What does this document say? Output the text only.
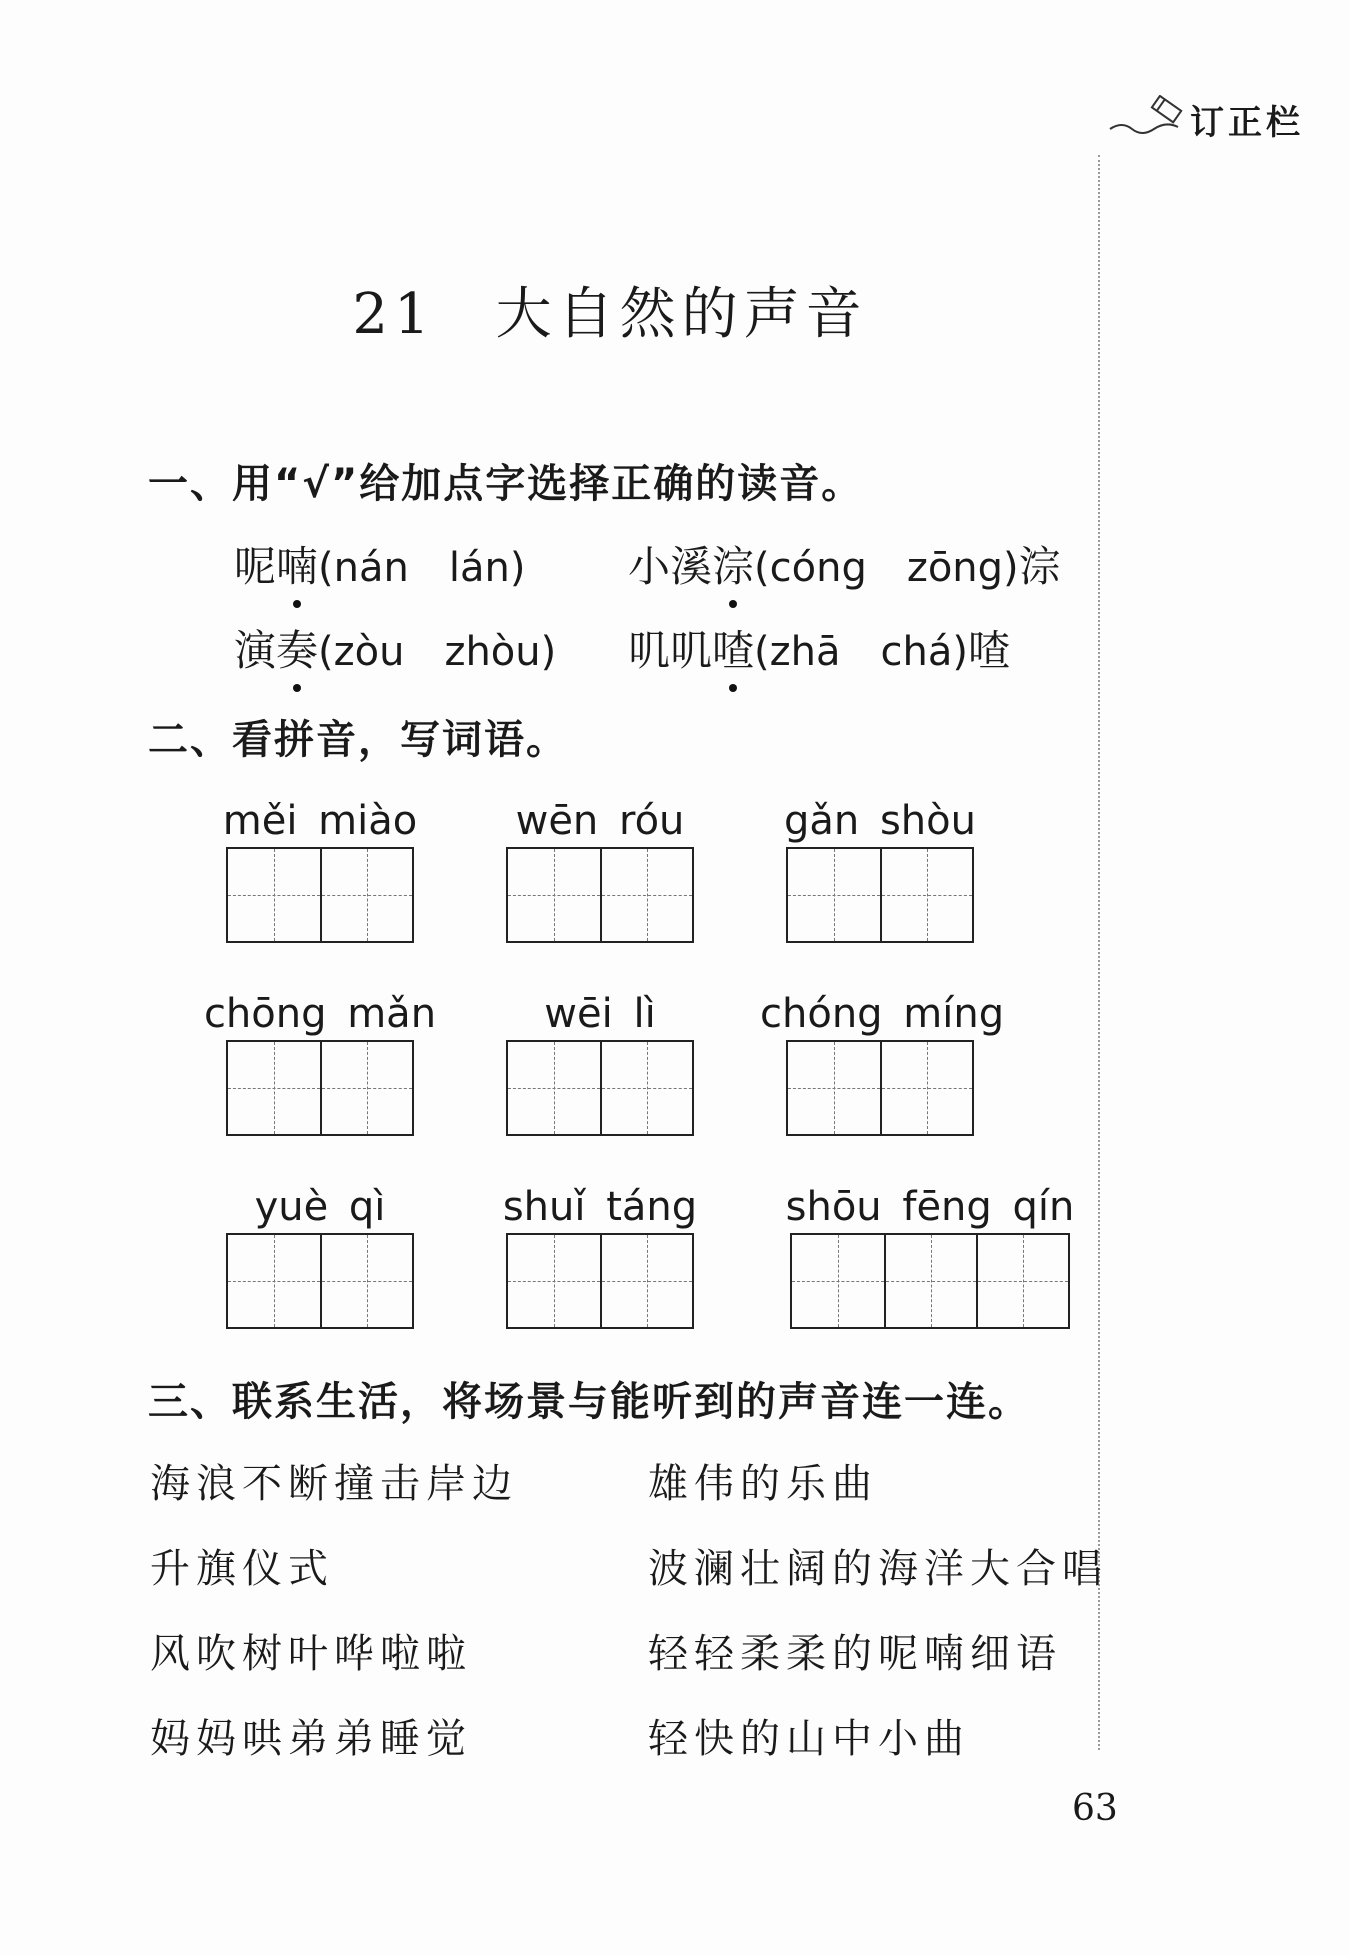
订正栏
21 大自然的声音
一、用“√”给加点字选择正确的读音。
呢喃(nán　lán) 小溪淙(cóng　zōng)淙
演奏(zòu　zhòu) 叽叽喳(zhā　chá)喳
二、看拼音，写词语。
měi miào	wēn róu	gǎn shòu
chōng mǎn	wēi lì	chóng míng
yuè qì	shuǐ táng	shōu fēng qín
三、联系生活，将场景与能听到的声音连一连。
海浪不断撞击岸边
升旗仪式
风吹树叶哗啦啦
妈妈哄弟弟睡觉
雄伟的乐曲
波澜壮阔的海洋大合唱
轻轻柔柔的呢喃细语
轻快的山中小曲
63
